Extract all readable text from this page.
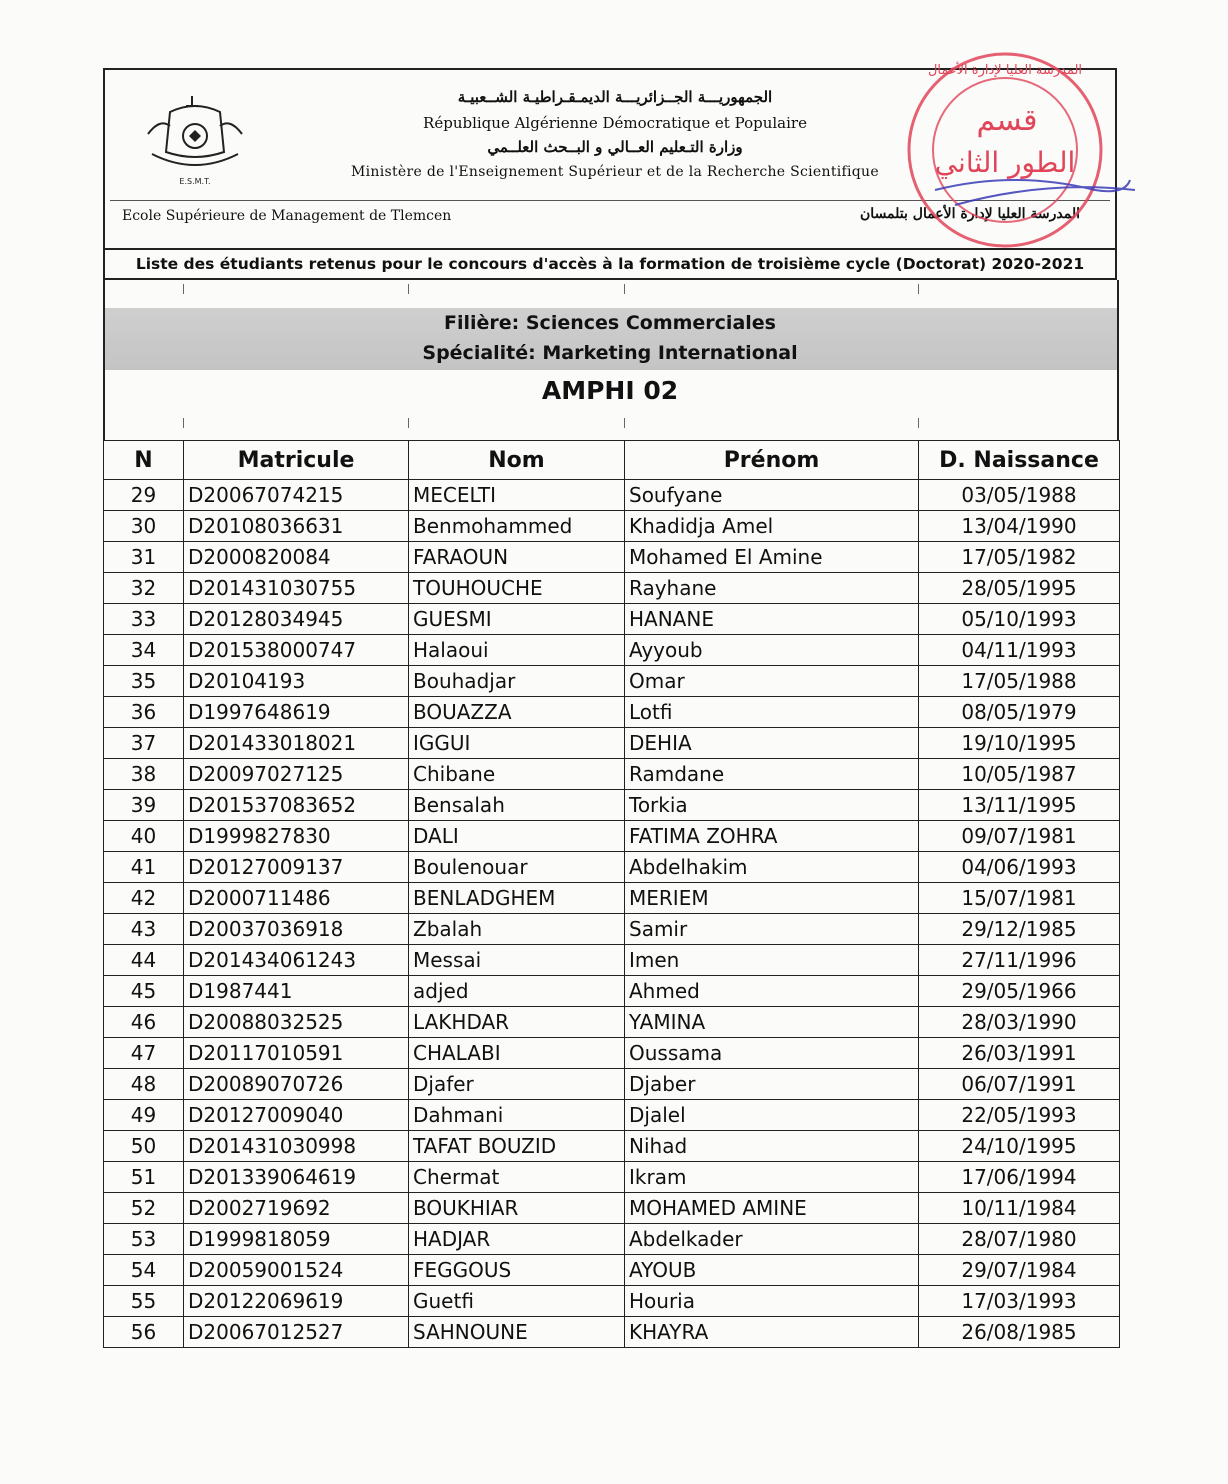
E.S.M.T.
الجمهوريـــة الجــزائريـــة الديمـقـراطيـة الشــعبيـة
République Algérienne Démocratique et Populaire
وزارة التـعليم العــالي و البــحث العلــمي
Ministère de l'Enseignement Supérieur et de la Recherche Scientifique
Ecole Supérieure de Management de Tlemcen	المدرسة العليا لإدارة الأعمال بتلمسان
المدرسة العليا لإدارة الأعمال
قسم
الطور الثاني
Liste des étudiants retenus pour le concours d'accès à la formation de troisième cycle (Doctorat) 2020-2021
Filière: Sciences Commerciales
Spécialité: Marketing International
AMPHI 02
N	Matricule	Nom	Prénom	D. Naissance
29	D20067074215	MECELTI	Soufyane	03/05/1988
30	D20108036631	Benmohammed	Khadidja Amel	13/04/1990
31	D2000820084	FARAOUN	Mohamed El Amine	17/05/1982
32	D201431030755	TOUHOUCHE	Rayhane	28/05/1995
33	D20128034945	GUESMI	HANANE	05/10/1993
34	D201538000747	Halaoui	Ayyoub	04/11/1993
35	D20104193	Bouhadjar	Omar	17/05/1988
36	D1997648619	BOUAZZA	Lotfi	08/05/1979
37	D201433018021	IGGUI	DEHIA	19/10/1995
38	D20097027125	Chibane	Ramdane	10/05/1987
39	D201537083652	Bensalah	Torkia	13/11/1995
40	D1999827830	DALI	FATIMA ZOHRA	09/07/1981
41	D20127009137	Boulenouar	Abdelhakim	04/06/1993
42	D2000711486	BENLADGHEM	MERIEM	15/07/1981
43	D20037036918	Zbalah	Samir	29/12/1985
44	D201434061243	Messai	Imen	27/11/1996
45	D1987441	adjed	Ahmed	29/05/1966
46	D20088032525	LAKHDAR	YAMINA	28/03/1990
47	D20117010591	CHALABI	Oussama	26/03/1991
48	D20089070726	Djafer	Djaber	06/07/1991
49	D20127009040	Dahmani	Djalel	22/05/1993
50	D201431030998	TAFAT BOUZID	Nihad	24/10/1995
51	D201339064619	Chermat	Ikram	17/06/1994
52	D2002719692	BOUKHIAR	MOHAMED AMINE	10/11/1984
53	D1999818059	HADJAR	Abdelkader	28/07/1980
54	D20059001524	FEGGOUS	AYOUB	29/07/1984
55	D20122069619	Guetfi	Houria	17/03/1993
56	D20067012527	SAHNOUNE	KHAYRA	26/08/1985
